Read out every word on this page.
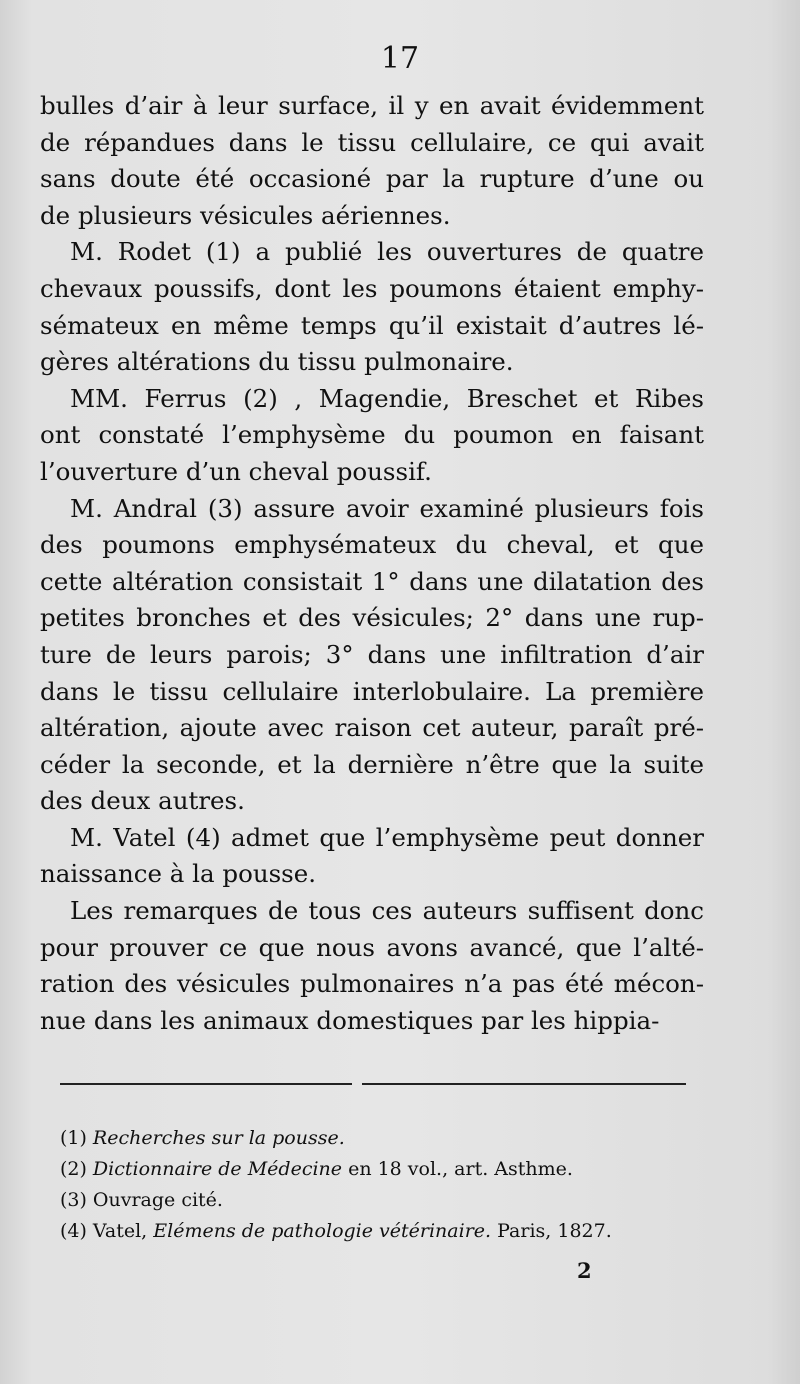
17
bulles d’air à leur surface, il y en avait évidemment
de répandues dans le tissu cellulaire, ce qui avait
sans doute été occasioné par la rupture d’une ou
de plusieurs vésicules aériennes.
M. Rodet (1) a publié les ouvertures de quatre
chevaux poussifs, dont les poumons étaient emphy-
sémateux en même temps qu’il existait d’autres lé-
gères altérations du tissu pulmonaire.
MM. Ferrus (2) , Magendie, Breschet et Ribes
ont constaté l’emphysème du poumon en faisant
l’ouverture d’un cheval poussif.
M. Andral (3) assure avoir examiné plusieurs fois
des poumons emphysémateux du cheval, et que
cette altération consistait 1° dans une dilatation des
petites bronches et des vésicules; 2° dans une rup-
ture de leurs parois; 3° dans une infiltration d’air
dans le tissu cellulaire interlobulaire. La première
altération, ajoute avec raison cet auteur, paraît pré-
céder la seconde, et la dernière n’être que la suite
des deux autres.
M. Vatel (4) admet que l’emphysème peut donner
naissance à la pousse.
Les remarques de tous ces auteurs suffisent donc
pour prouver ce que nous avons avancé, que l’alté-
ration des vésicules pulmonaires n’a pas été mécon-
nue dans les animaux domestiques par les hippia-
(1) Recherches sur la pousse.
(2) Dictionnaire de Médecine en 18 vol., art. Asthme.
(3) Ouvrage cité.
(4) Vatel, Elémens de pathologie vétérinaire. Paris, 1827.
2
